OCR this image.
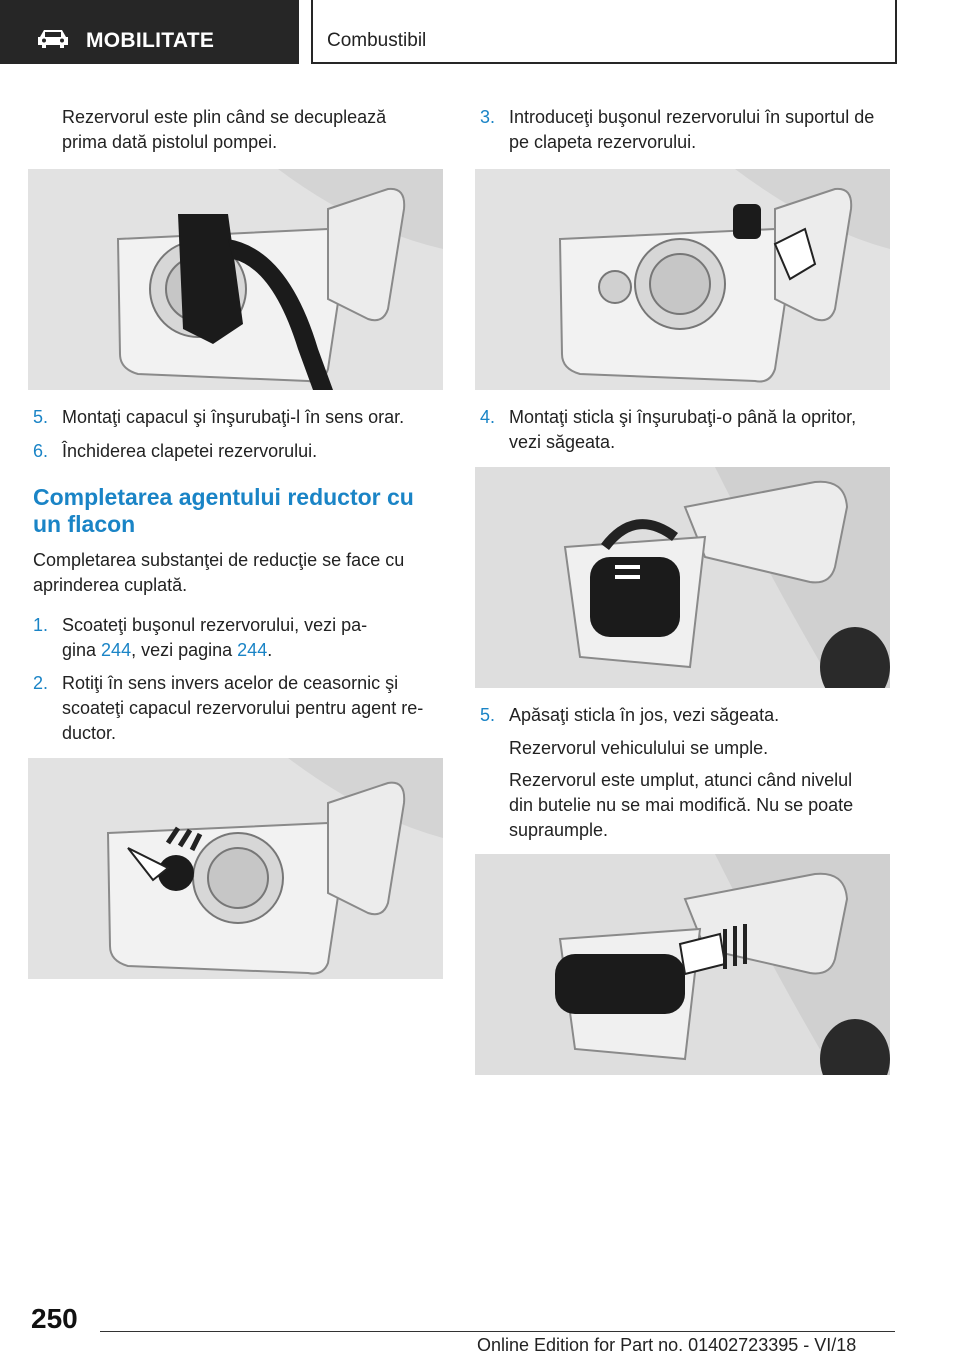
MOBILITATE	Combustibil
Rezervorul este plin când se decuplează
prima dată pistolul pompei.
5. Montaţi capacul şi înşurubaţi-l în sens orar.
6. Închiderea clapetei rezervorului.
Completarea agentului reductor cu
un flacon
Completarea substanţei de reducţie se face cu
aprinderea cuplată.
1. Scoateţi buşonul rezervorului, vezi pa-
gina 244, vezi pagina 244.
2. Rotiţi în sens invers acelor de ceasornic şi
scoateţi capacul rezervorului pentru agent re-
ductor.
3. Introduceţi buşonul rezervorului în suportul de
pe clapeta rezervorului.
4. Montaţi sticla şi înşurubaţi-o până la opritor,
vezi săgeata.
5. Apăsaţi sticla în jos, vezi săgeata.
Rezervorul vehiculului se umple.
Rezervorul este umplut, atunci când nivelul
din butelie nu se mai modifică. Nu se poate
supraumple.
250
Online Edition for Part no. 01402723395 - VI/18
